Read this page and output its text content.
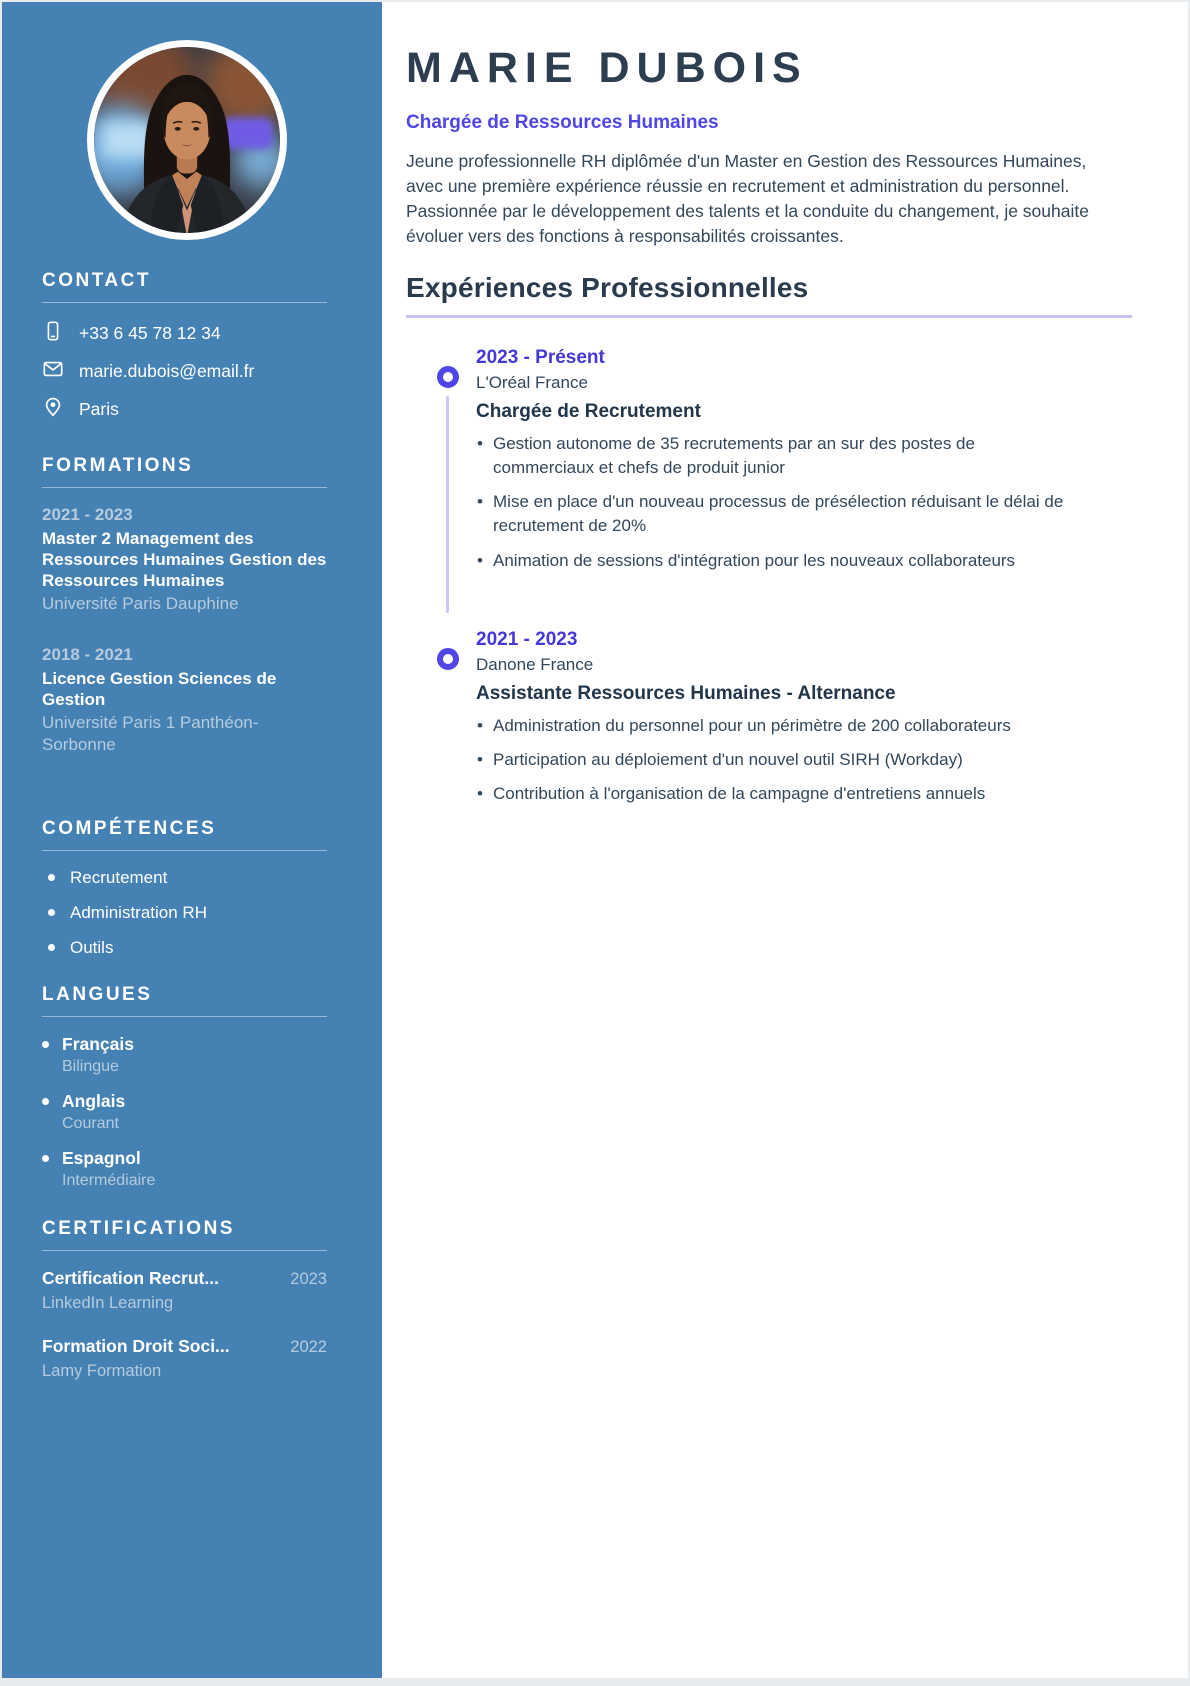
CONTACT
+33 6 45 78 12 34
marie.dubois@email.fr
Paris
FORMATIONS
2021 - 2023
Master 2 Management des Ressources Humaines Gestion des Ressources Humaines
Université Paris Dauphine
2018 - 2021
Licence Gestion Sciences de Gestion
Université Paris 1 Panthéon-Sorbonne
COMPÉTENCES
Recrutement
Administration RH
Outils
LANGUES
Français
Bilingue
Anglais
Courant
Espagnol
Intermédiaire
CERTIFICATIONS
Certification Recrut...	2023
LinkedIn Learning
Formation Droit Soci...	2022
Lamy Formation
MARIE DUBOIS
Chargée de Ressources Humaines

Jeune professionnelle RH diplômée d'un Master en Gestion des Ressources Humaines, avec une première expérience réussie en recrutement et administration du personnel. Passionnée par le développement des talents et la conduite du changement, je souhaite évoluer vers des fonctions à responsabilités croissantes.

Expériences Professionnelles
2023 - Présent
L'Oréal France
Chargée de Recrutement
• Gestion autonome de 35 recrutements par an sur des postes de commerciaux et chefs de produit junior
• Mise en place d'un nouveau processus de présélection réduisant le délai de recrutement de 20%
• Animation de sessions d'intégration pour les nouveaux collaborateurs
2021 - 2023
Danone France
Assistante Ressources Humaines - Alternance
• Administration du personnel pour un périmètre de 200 collaborateurs
• Participation au déploiement d'un nouvel outil SIRH (Workday)
• Contribution à l'organisation de la campagne d'entretiens annuels
